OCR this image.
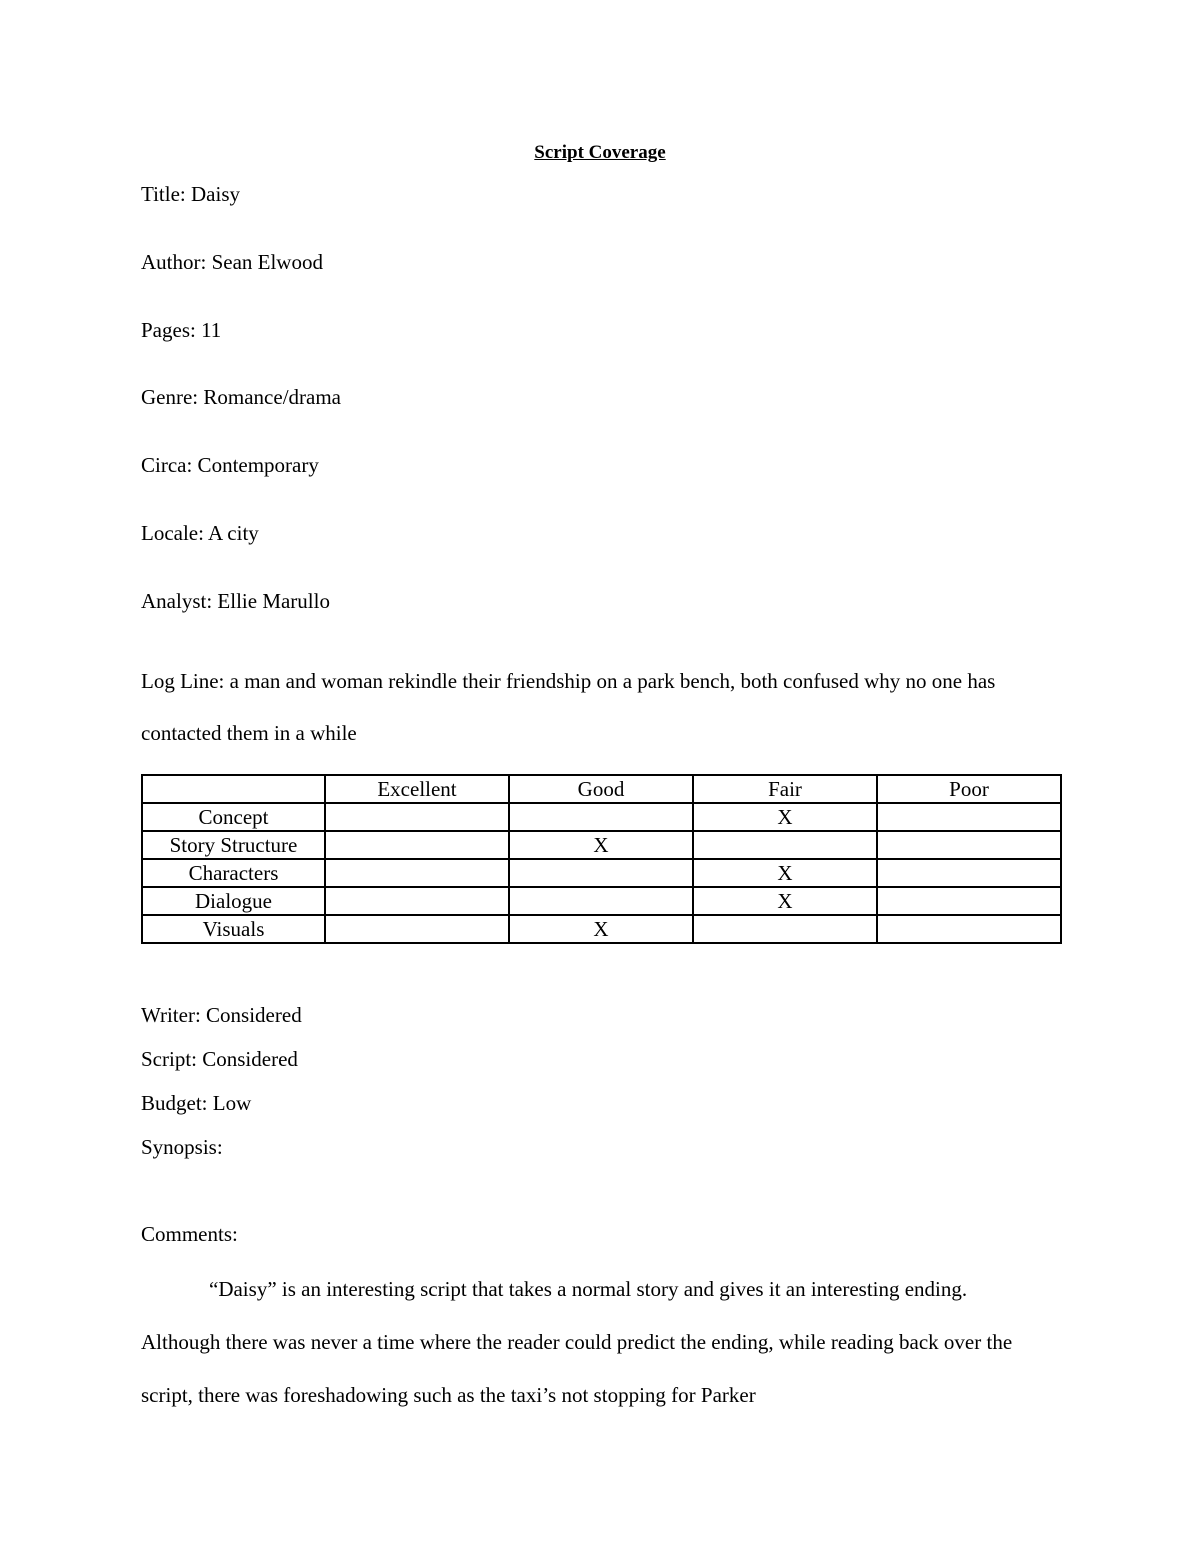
Script Coverage
Title: Daisy
Author: Sean Elwood
Pages: 11
Genre: Romance/drama
Circa: Contemporary
Locale: A city
Analyst: Ellie Marullo
Log Line: a man and woman rekindle their friendship on a park bench, both confused why no one has contacted them in a while
	Excellent	Good	Fair	Poor
Concept			X	
Story Structure		X		
Characters			X	
Dialogue			X	
Visuals		X		
Writer: Considered
Script: Considered
Budget: Low
Synopsis:
Comments:
“Daisy” is an interesting script that takes a normal story and gives it an interesting ending. Although there was never a time where the reader could predict the ending, while reading back over the script, there was foreshadowing such as the taxi’s not stopping for Parker
